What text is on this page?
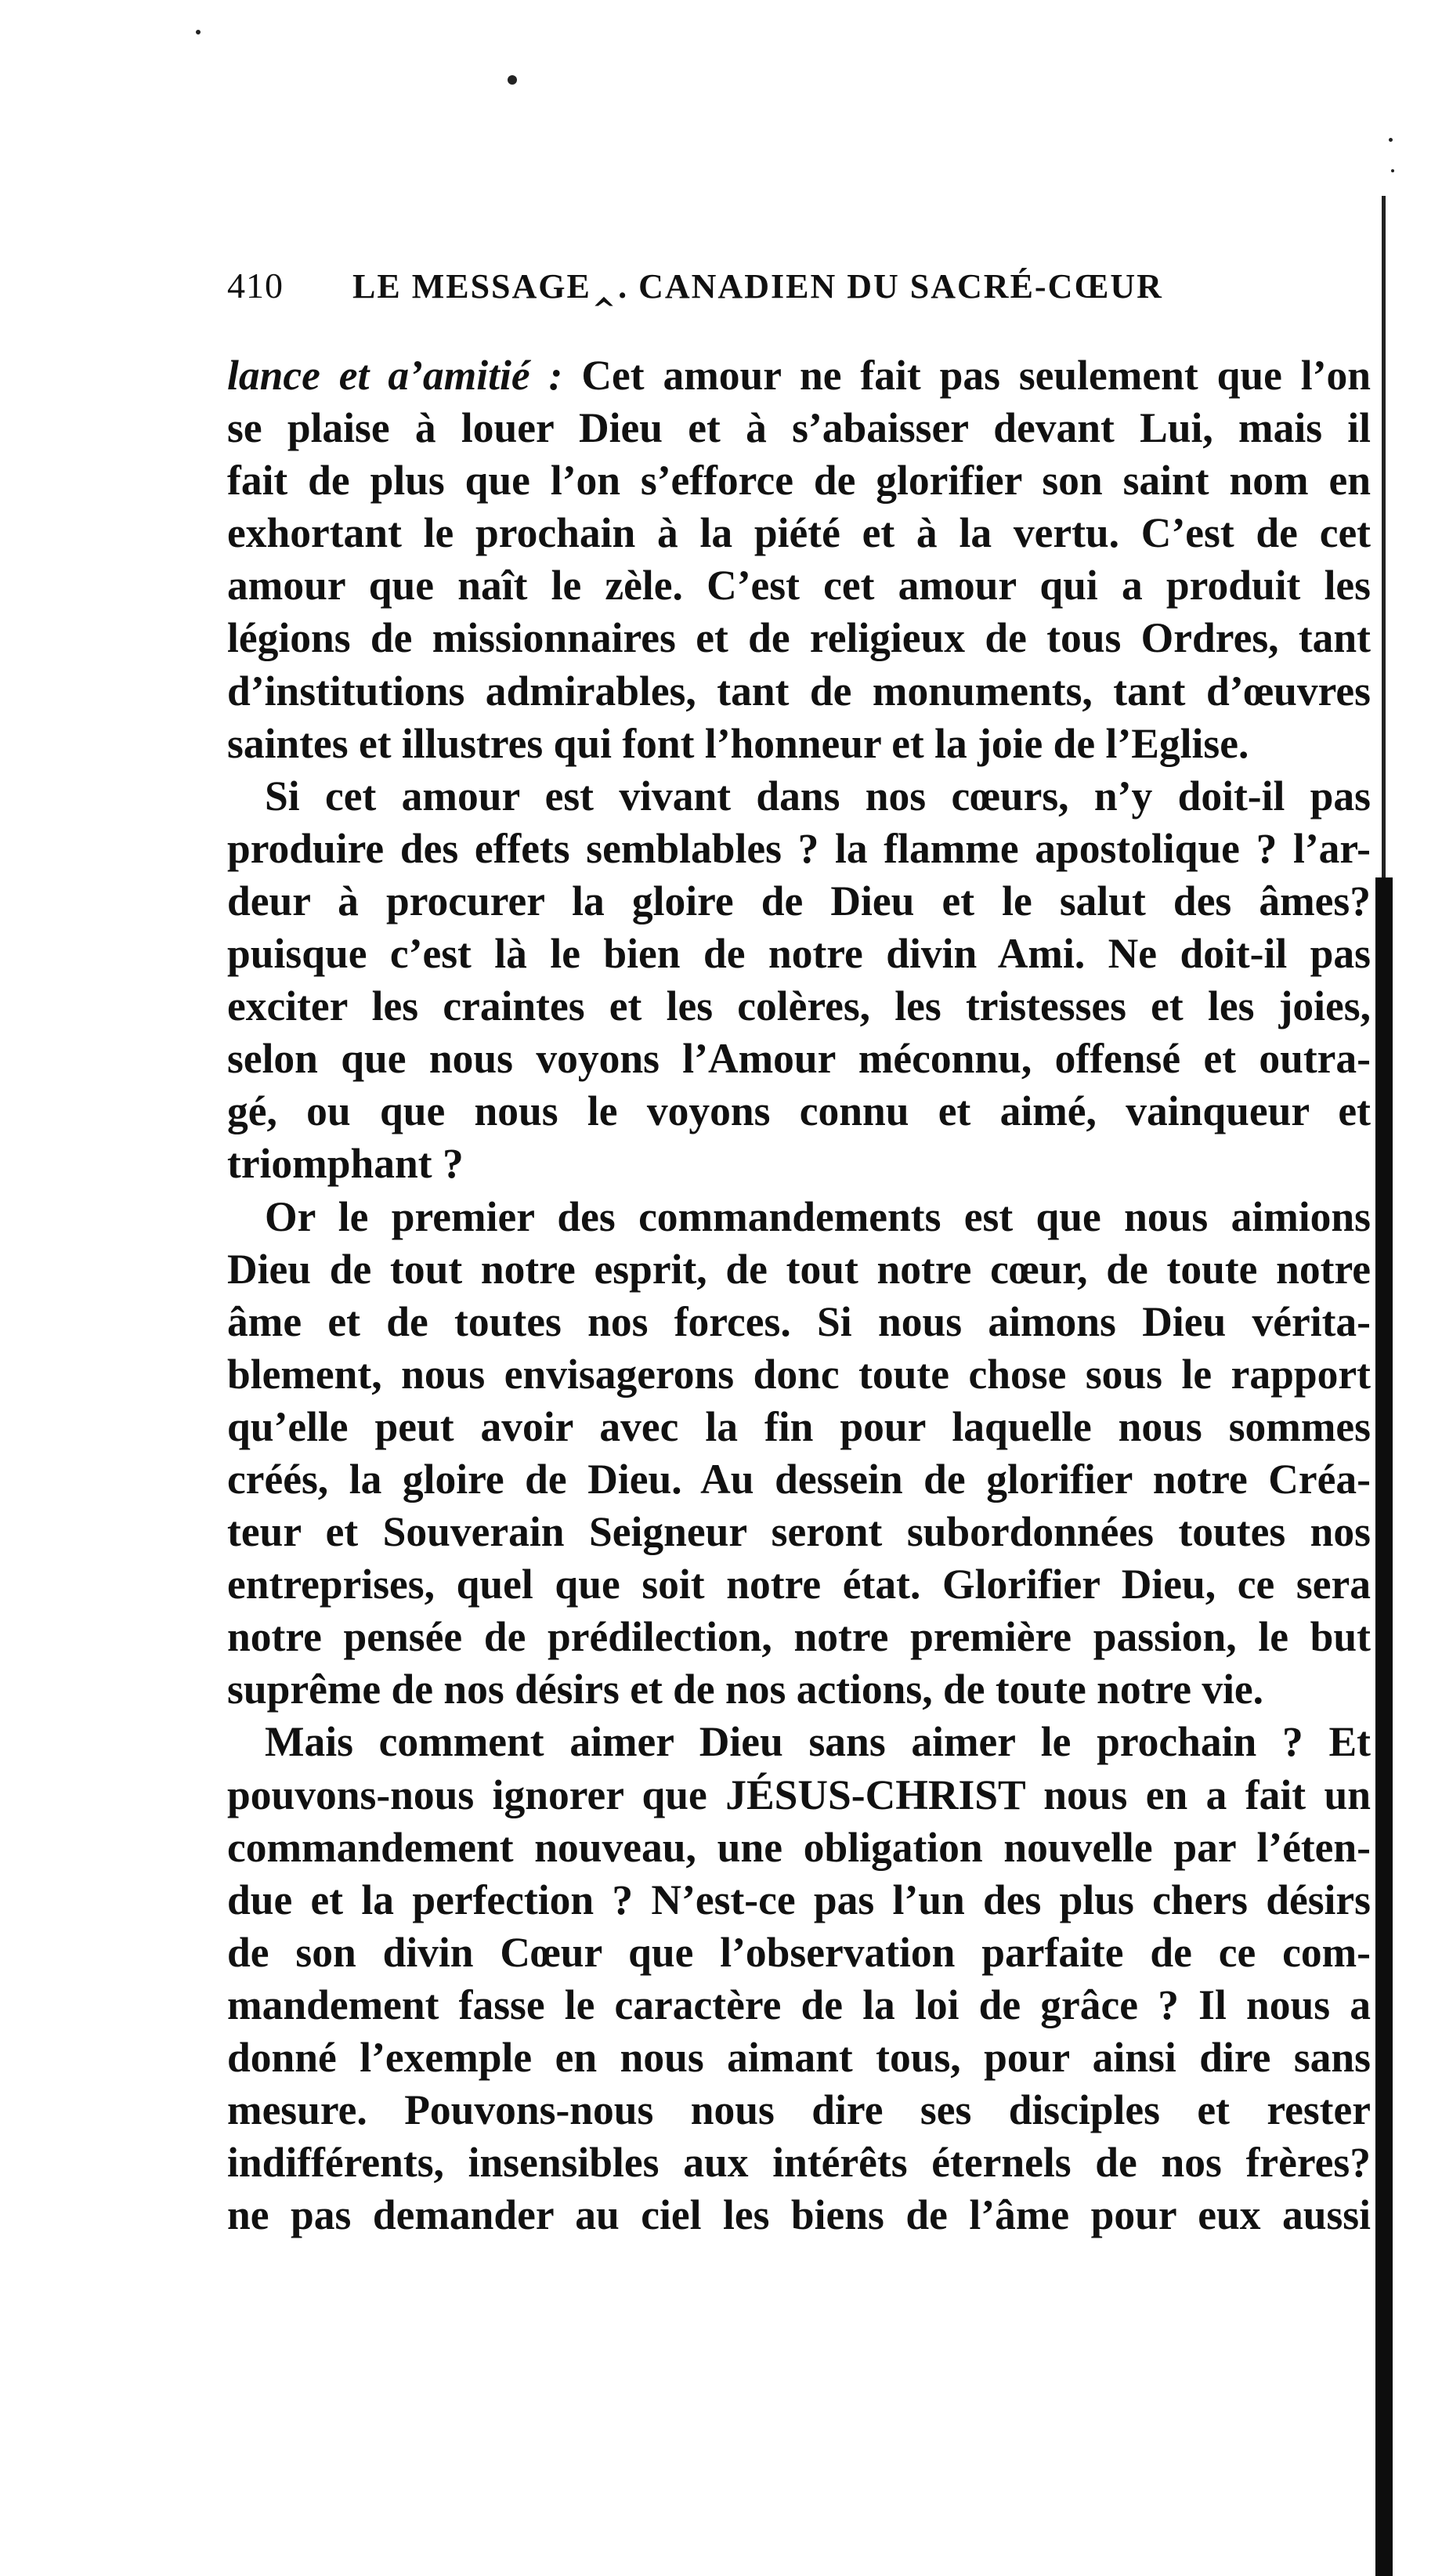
410	LE MESSAGE‸. CANADIEN DU SACRÉ-CŒUR
lance et a’amitié : Cet amour ne fait pas seulement que l’on
se plaise à louer Dieu et à s’abaisser devant Lui, mais il
fait de plus que l’on s’efforce de glorifier son saint nom en
exhortant le prochain à la piété et à la vertu. C’est de cet
amour que naît le zèle. C’est cet amour qui a produit les
légions de missionnaires et de religieux de tous Ordres, tant
d’institutions admirables, tant de monuments, tant d’œuvres
saintes et illustres qui font l’honneur et la joie de l’Eglise.
Si cet amour est vivant dans nos cœurs, n’y doit-il pas
produire des effets semblables ? la flamme apostolique ? l’ar-
deur à procurer la gloire de Dieu et le salut des âmes?
puisque c’est là le bien de notre divin Ami. Ne doit-il pas
exciter les craintes et les colères, les tristesses et les joies,
selon que nous voyons l’Amour méconnu, offensé et outra-
gé, ou que nous le voyons connu et aimé, vainqueur et
triomphant ?
Or le premier des commandements est que nous aimions
Dieu de tout notre esprit, de tout notre cœur, de toute notre
âme et de toutes nos forces. Si nous aimons Dieu vérita-
blement, nous envisagerons donc toute chose sous le rapport
qu’elle peut avoir avec la fin pour laquelle nous sommes
créés, la gloire de Dieu. Au dessein de glorifier notre Créa-
teur et Souverain Seigneur seront subordonnées toutes nos
entreprises, quel que soit notre état. Glorifier Dieu, ce sera
notre pensée de prédilection, notre première passion, le but
suprême de nos désirs et de nos actions, de toute notre vie.
Mais comment aimer Dieu sans aimer le prochain ? Et
pouvons-nous ignorer que JÉSUS-CHRIST nous en a fait un
commandement nouveau, une obligation nouvelle par l’éten-
due et la perfection ? N’est-ce pas l’un des plus chers désirs
de son divin Cœur que l’observation parfaite de ce com-
mandement fasse le caractère de la loi de grâce ? Il nous a
donné l’exemple en nous aimant tous, pour ainsi dire sans
mesure. Pouvons-nous nous dire ses disciples et rester
indifférents, insensibles aux intérêts éternels de nos frères?
ne pas demander au ciel les biens de l’âme pour eux aussi
